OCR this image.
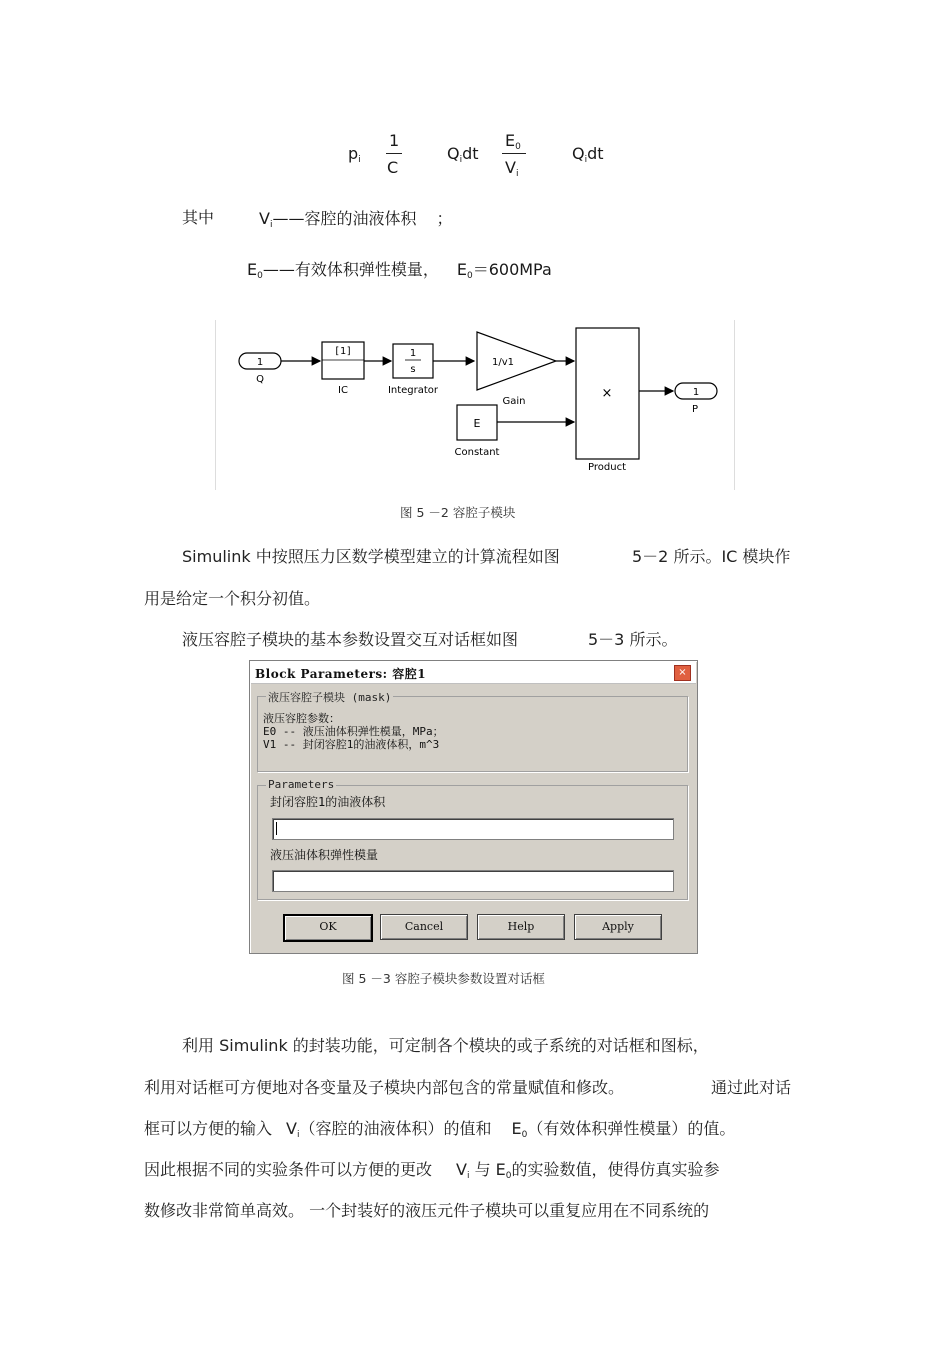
$p_i$
1
C
$Q_idt$
$E_0$
$V_i$
$Q_idt$
其中	$V_i——$容腔的油液体积 ；
$E_0——$有效体积弹性模量， $E_0=600MPa$
1
Q
[1]
IC
1
s
Integrator
1/v1
Gain
E
Constant
×
Product
1
P
图 5 －2 容腔子模块
Simulink 中按照压力区数学模型建立的计算流程如图	5－2 所示。IC 模块作
用是给定一个积分初值。
液压容腔子模块的基本参数设置交互对话框如图	5－3 所示。
Block Parameters: 容腔1	×
液压容腔子模块 (mask)
液压容腔参数：
E0 -- 液压油体积弹性模量，MPa；
V1 -- 封闭容腔1的油液体积，m^3
Parameters
封闭容腔1的油液体积
液压油体积弹性模量
OK	Cancel	Help	Apply
图 5 －3 容腔子模块参数设置对话框
利用 Simulink 的封装功能，可定制各个模块的或子系统的对话框和图标，
利用对话框可方便地对各变量及子模块内部包含的常量赋值和修改。	通过此对话
框可以方便的输入 $V_i$（容腔的油液体积）的值和 $E_0$（有效体积弹性模量）的值。
因此根据不同的实验条件可以方便的更改 $V_i$ 与 $E_0$的实验数值，使得仿真实验参
数修改非常简单高效。 一个封装好的液压元件子模块可以重复应用在不同系统的
